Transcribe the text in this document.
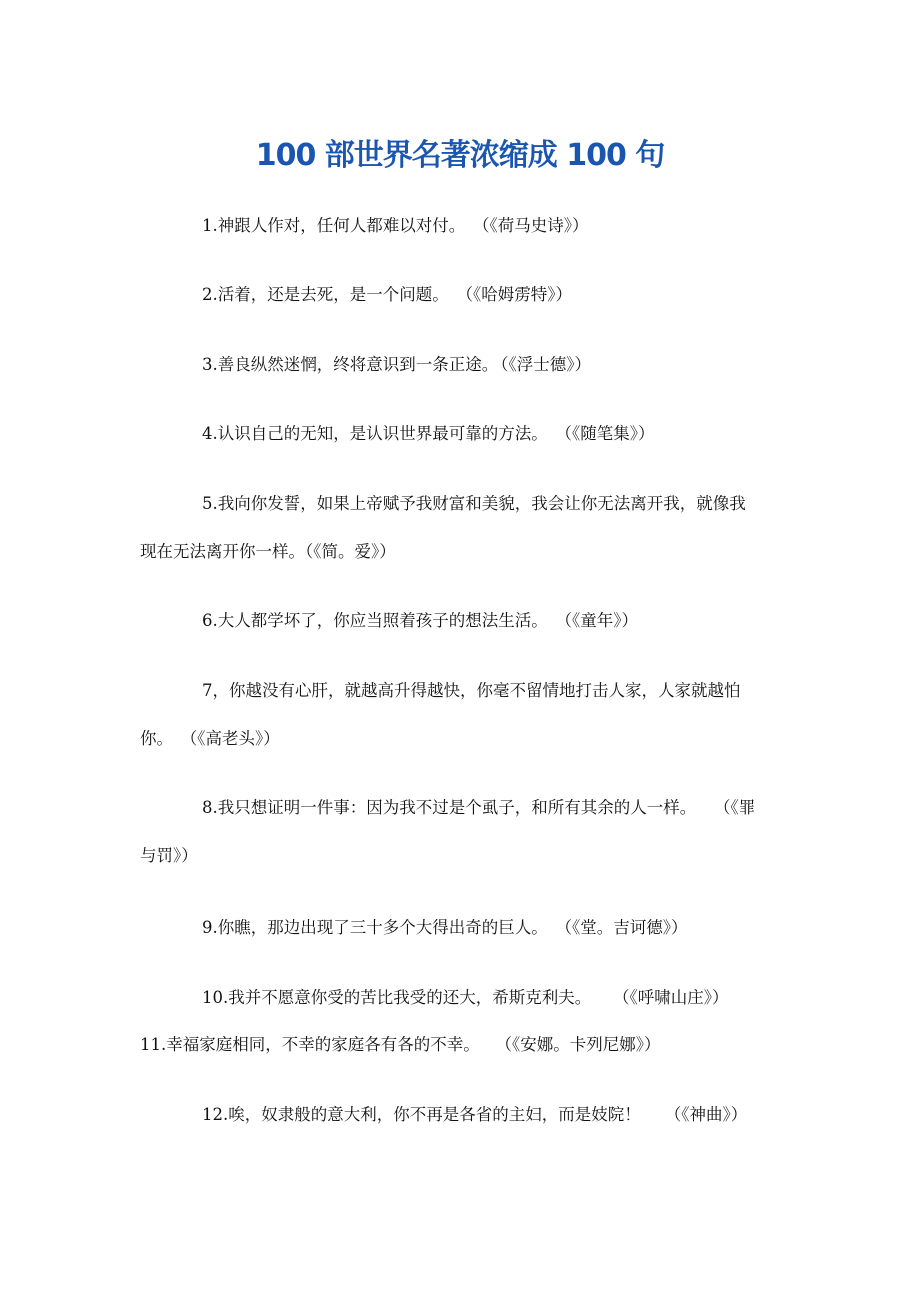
100 部世界名著浓缩成 100 句

1.神跟人作对，任何人都难以对付。 （《荷马史诗》）

2.活着，还是去死，是一个问题。 （《哈姆雳特》）

3.善良纵然迷惘，终将意识到一条正途。 （《浮士德》）

4.认识自己的无知，是认识世界最可靠的方法。 （《随笔集》）

5.我向你发誓，如果上帝赋予我财富和美貌，我会让你无法离开我，就像我
现在无法离开你一样。（《简。爱》）

6.大人都学坏了，你应当照着孩子的想法生活。 （《童年》）

7，你越没有心肝，就越高升得越快，你毫不留情地打击人家，人家就越怕
你。 （《高老头》）

8.我只想证明一件事：因为我不过是个虱子，和所有其余的人一样。 （《罪
与罚》）

9.你瞧，那边出现了三十多个大得出奇的巨人。 （《堂。吉诃德》）

10.我并不愿意你受的苦比我受的还大，希斯克利夫。 （《呼啸山庄》）

11.幸福家庭相同，不幸的家庭各有各的不幸。 （《安娜。卡列尼娜》）

12.唉，奴隶般的意大利，你不再是各省的主妇，而是妓院！ （《神曲》）
